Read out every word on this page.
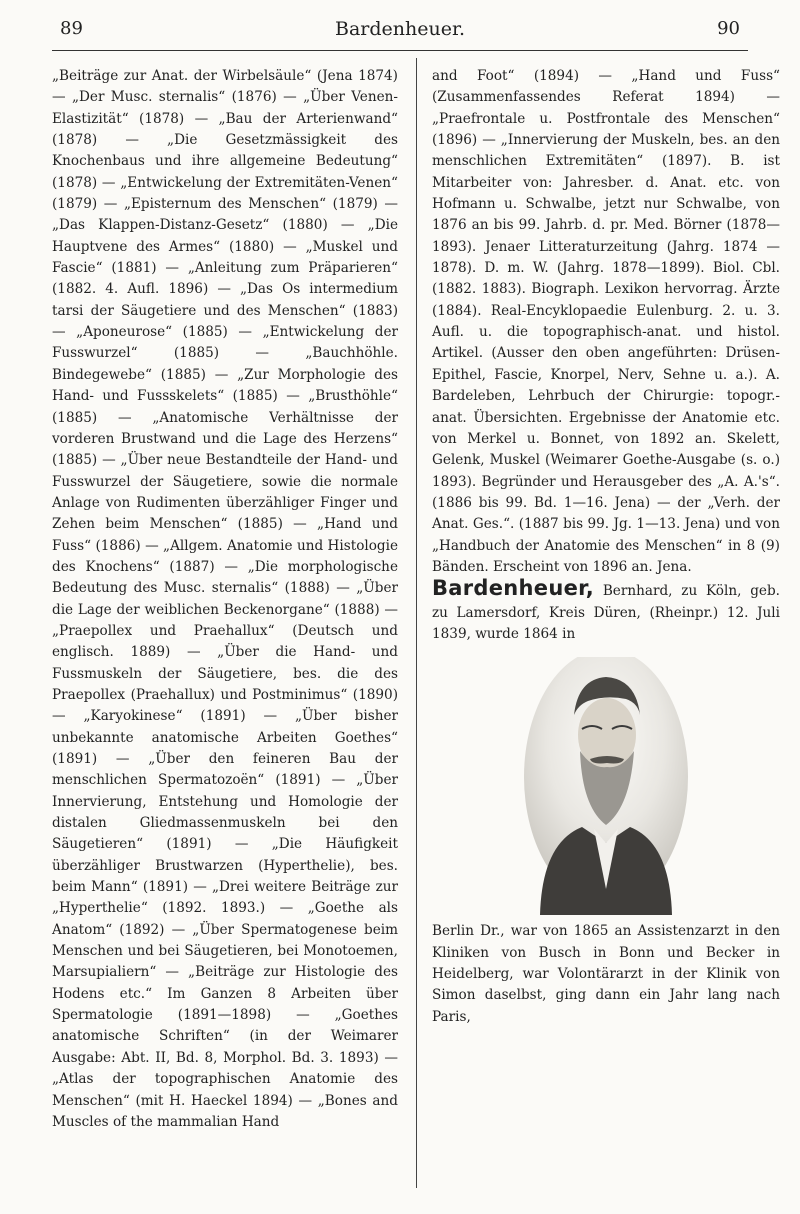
89	Bardenheuer.	90

„Beiträge zur Anat. der Wirbelsäule“ (Jena 1874) — „Der Musc. sternalis“ (1876) — „Über Venen-Elastizität“ (1878) — „Bau der Arterienwand“ (1878) — „Die Gesetzmässigkeit des Knochenbaus und ihre allgemeine Bedeutung“ (1878) — „Entwickelung der Extremitäten-Venen“ (1879) — „Episternum des Menschen“ (1879) — „Das Klappen-Distanz-Gesetz“ (1880) — „Die Hauptvene des Armes“ (1880) — „Muskel und Fascie“ (1881) — „Anleitung zum Präparieren“ (1882. 4. Aufl. 1896) — „Das Os intermedium tarsi der Säugetiere und des Menschen“ (1883) — „Aponeurose“ (1885) — „Entwickelung der Fusswurzel“ (1885) — „Bauchhöhle. Bindegewebe“ (1885) — „Zur Morphologie des Hand- und Fussskelets“ (1885) — „Brusthöhle“ (1885) — „Anatomische Verhältnisse der vorderen Brustwand und die Lage des Herzens“ (1885) — „Über neue Bestandteile der Hand- und Fusswurzel der Säugetiere, sowie die normale Anlage von Rudimenten überzähliger Finger und Zehen beim Menschen“ (1885) — „Hand und Fuss“ (1886) — „Allgem. Anatomie und Histologie des Knochens“ (1887) — „Die morphologische Bedeutung des Musc. sternalis“ (1888) — „Über die Lage der weiblichen Beckenorgane“ (1888) — „Praepollex und Praehallux“ (Deutsch und englisch. 1889) — „Über die Hand- und Fussmuskeln der Säugetiere, bes. die des Praepollex (Praehallux) und Postminimus“ (1890) — „Karyokinese“ (1891) — „Über bisher unbekannte anatomische Arbeiten Goethes“ (1891) — „Über den feineren Bau der menschlichen Spermatozoën“ (1891) — „Über Innervierung, Entstehung und Homologie der distalen Gliedmassenmuskeln bei den Säugetieren“ (1891) — „Die Häufigkeit überzähliger Brustwarzen (Hyperthelie), bes. beim Mann“ (1891) — „Drei weitere Beiträge zur „Hyperthelie“ (1892. 1893.) — „Goethe als Anatom“ (1892) — „Über Spermatogenese beim Menschen und bei Säugetieren, bei Monotoemen, Marsupialiern“ — „Beiträge zur Histologie des Hodens etc.“ Im Ganzen 8 Arbeiten über Spermatologie (1891—1898) — „Goethes anatomische Schriften“ (in der Weimarer Ausgabe: Abt. II, Bd. 8, Morphol. Bd. 3. 1893) — „Atlas der topographischen Anatomie des Menschen“ (mit H. Haeckel 1894) — „Bones and Muscles of the mammalian Hand

and Foot“ (1894) — „Hand und Fuss“ (Zusammenfassendes Referat 1894) — „Praefrontale u. Postfrontale des Menschen“ (1896) — „Innervierung der Muskeln, bes. an den menschlichen Extremitäten“ (1897). B. ist Mitarbeiter von: Jahresber. d. Anat. etc. von Hofmann u. Schwalbe, jetzt nur Schwalbe, von 1876 an bis 99. Jahrb. d. pr. Med. Börner (1878—1893). Jenaer Litteraturzeitung (Jahrg. 1874 — 1878). D. m. W. (Jahrg. 1878—1899). Biol. Cbl. (1882. 1883). Biograph. Lexikon hervorrag. Ärzte (1884). Real-Encyklopaedie Eulenburg. 2. u. 3. Aufl. u. die topographisch-anat. und histol. Artikel. (Ausser den oben angeführten: Drüsen-Epithel, Fascie, Knorpel, Nerv, Sehne u. a.). A. Bardeleben, Lehrbuch der Chirurgie: topogr.-anat. Übersichten. Ergebnisse der Anatomie etc. von Merkel u. Bonnet, von 1892 an. Skelett, Gelenk, Muskel (Weimarer Goethe-Ausgabe (s. o.) 1893). Begründer und Herausgeber des „A. A.'s“. (1886 bis 99. Bd. 1—16. Jena) — der „Verh. der Anat. Ges.“. (1887 bis 99. Jg. 1—13. Jena) und von „Handbuch der Anatomie des Menschen“ in 8 (9) Bänden. Erscheint von 1896 an. Jena.

Bardenheuer, Bernhard, zu Köln, geb. zu Lamersdorf, Kreis Düren, (Rheinpr.) 12. Juli 1839, wurde 1864 in

Berlin Dr., war von 1865 an Assistenzarzt in den Kliniken von Busch in Bonn und Becker in Heidelberg, war Volontärarzt in der Klinik von Simon daselbst, ging dann ein Jahr lang nach Paris,
